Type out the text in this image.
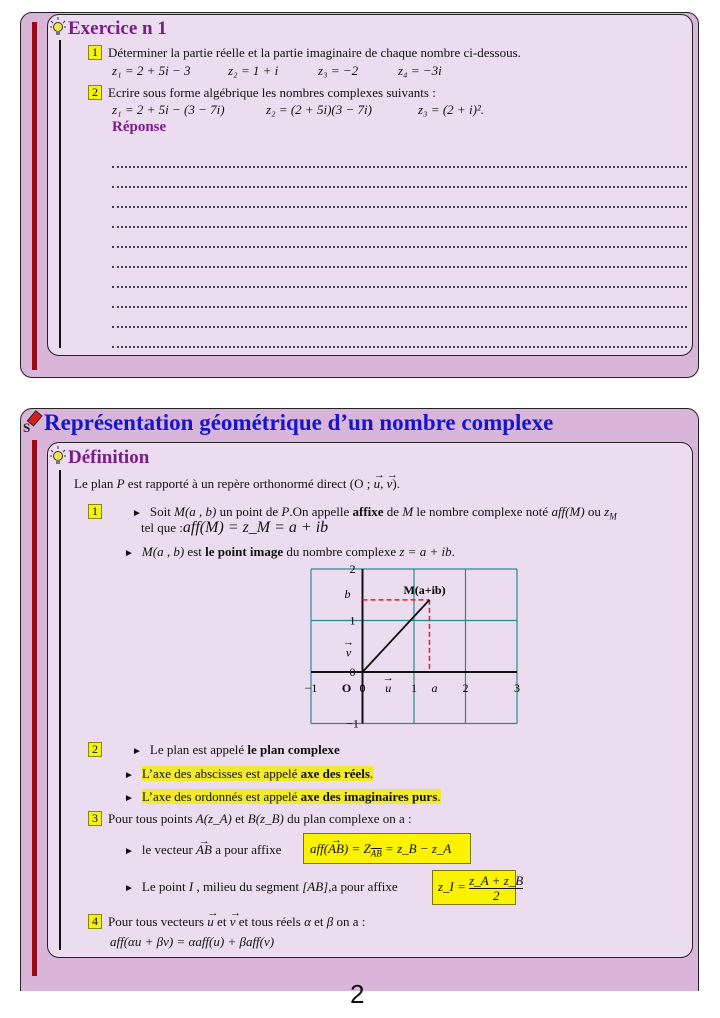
Exercice n 1
1 Déterminer la partie réelle et la partie imaginaire de chaque nombre ci-dessous.
z₁ = 2 + 5i − 3	z₂ = 1 + i	z₃ = −2	z₄ = −3i
2 Ecrire sous forme algébrique les nombres complexes suivants :
z₁ = 2 + 5i − (3 − 7i)	z₂ = (2 + 5i)(3 − 7i)	z₃ = (2 + i)².
Réponse
S Représentation géométrique d’un nombre complexe
Définition
Le plan P est rapporté à un repère orthonormé direct (O ; u →, v →).
1	► Soit M(a , b) un point de P.On appelle affixe de M le nombre complexe noté aff(M) ou $z_M$
tel que :aff(M) = z_M = a + ib
► M(a , b) est le point image du nombre complexe z = a + ib.
−1	0	1	2	3
−1
0
1
2
O	a
b
u
→
v
→
M(a+ib)
2	► Le plan est appelé le plan complexe
► L’axe des abscisses est appelé axe des réels.
► L’axe des ordonnés est appelé axe des imaginaires purs.
3 Pour tous points A(z_A) et B(z_B) du plan complexe on a :
► le vecteur AB → a pour affixe aff(AB →) = $Z_{\overline{AB}}$ = z_B − z_A
► Le point I , milieu du segment [AB],a pour affixe	z_I = $\frac{z\_A + z\_B}{2}$
4 Pour tous vecteurs u → et v → et tous réels α et β on a :
aff(αu + βv) = αaff(u) + βaff(v)
2
